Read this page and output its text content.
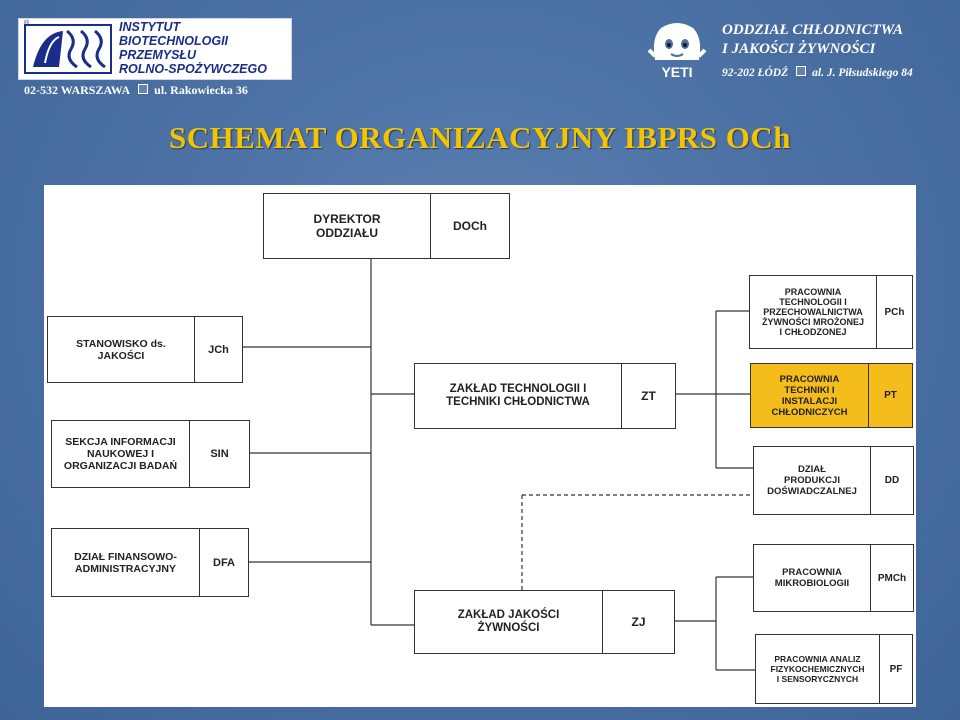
®	INSTYTUT
BIOTECHNOLOGII
PRZEMYSŁU
ROLNO-SPOŻYWCZEGO
02-532 WARSZAWA ul. Rakowiecka 36
YETI
ODDZIAŁ CHŁODNICTWA
I JAKOŚCI ŻYWNOŚCI
92-202 ŁÓDŹ al. J. Piłsudskiego 84
SCHEMAT ORGANIZACYJNY IBPRS OCh
DYREKTOR
ODDZIAŁU	DOCh
STANOWISKO ds.
JAKOŚCI	JCh
SEKCJA INFORMACJI
NAUKOWEJ I
ORGANIZACJI BADAŃ
SIN
DZIAŁ FINANSOWO-
ADMINISTRACYJNY	DFA
ZAKŁAD TECHNOLOGII I
TECHNIKI CHŁODNICTWA	ZT
ZAKŁAD JAKOŚCI
ŻYWNOŚCI	ZJ
PRACOWNIA
TECHNOLOGII I
PRZECHOWALNICTWA
ŻYWNOŚCI MROŻONEJ
I CHŁODZONEJ
PCh
PRACOWNIA
TECHNIKI I
INSTALACJI
CHŁODNICZYCH
PT
DZIAŁ
PRODUKCJI
DOŚWIADCZALNEJ
DD
PRACOWNIA
MIKROBIOLOGII	PMCh
PRACOWNIA ANALIZ
FIZYKOCHEMICZNYCH
I SENSORYCZNYCH
PF
